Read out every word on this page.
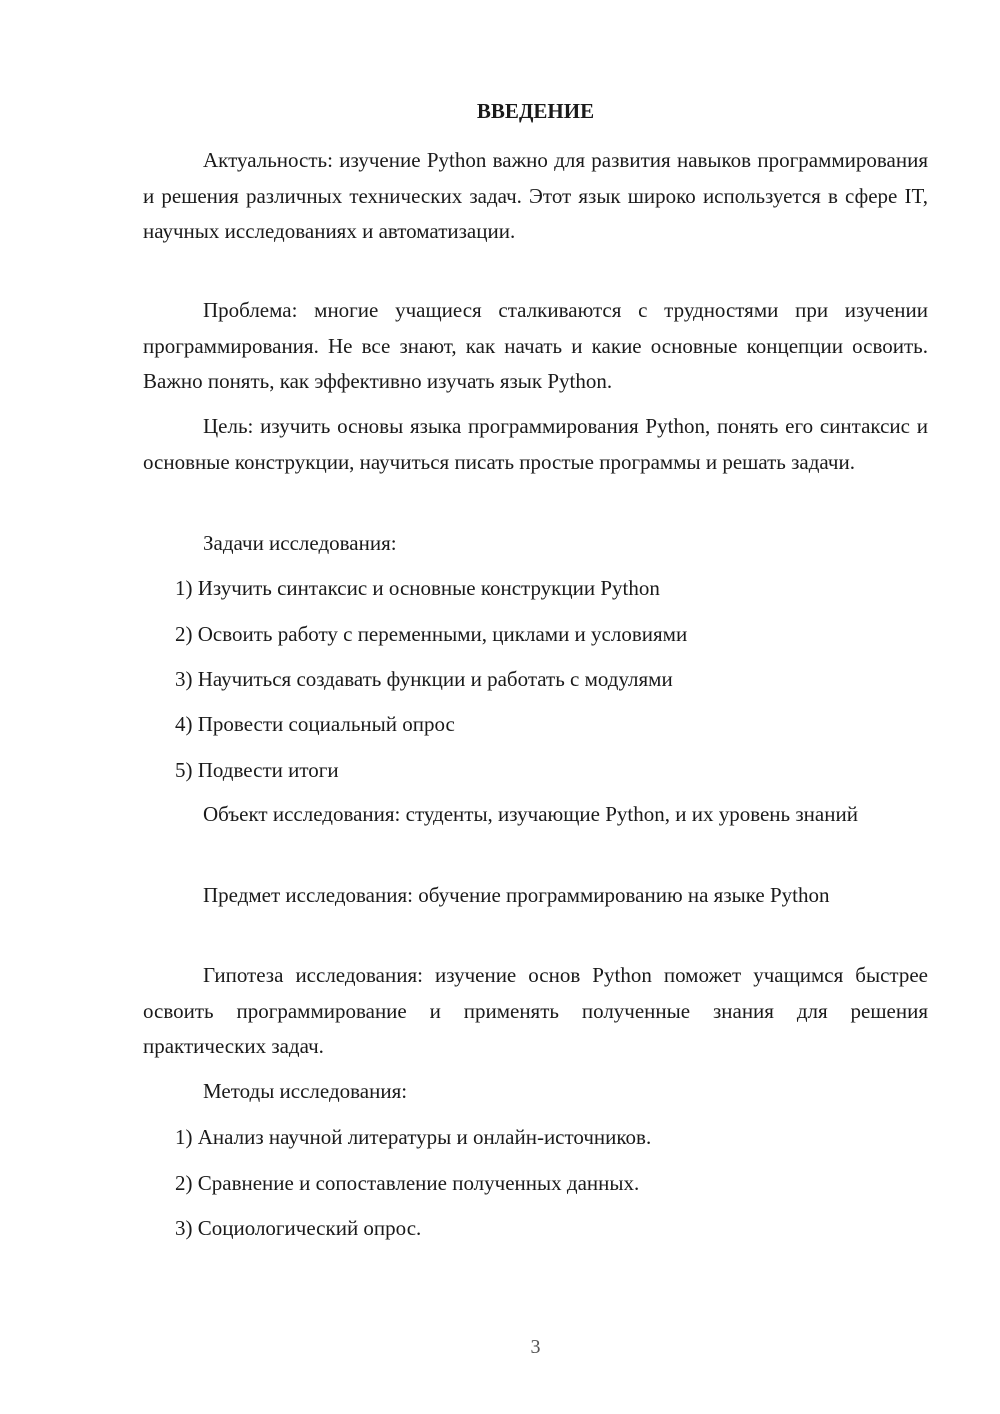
ВВЕДЕНИЕ
Актуальность: изучение Python важно для развития навыков программирования и решения различных технических задач. Этот язык широко используется в сфере IT, научных исследованиях и автоматизации.
Проблема: многие учащиеся сталкиваются с трудностями при изучении программирования. Не все знают, как начать и какие основные концепции освоить. Важно понять, как эффективно изучать язык Python.
Цель: изучить основы языка программирования Python, понять его синтаксис и основные конструкции, научиться писать простые программы и решать задачи.
Задачи исследования:
1) Изучить синтаксис и основные конструкции Python
2) Освоить работу с переменными, циклами и условиями
3) Научиться создавать функции и работать с модулями
4) Провести социальный опрос
5) Подвести итоги
Объект исследования: студенты, изучающие Python, и их уровень знаний
Предмет исследования: обучение программированию на языке Python
Гипотеза исследования: изучение основ Python поможет учащимся быстрее освоить программирование и применять полученные знания для решения практических задач.
Методы исследования:
1) Анализ научной литературы и онлайн-источников.
2) Сравнение и сопоставление полученных данных.
3) Социологический опрос.
3
